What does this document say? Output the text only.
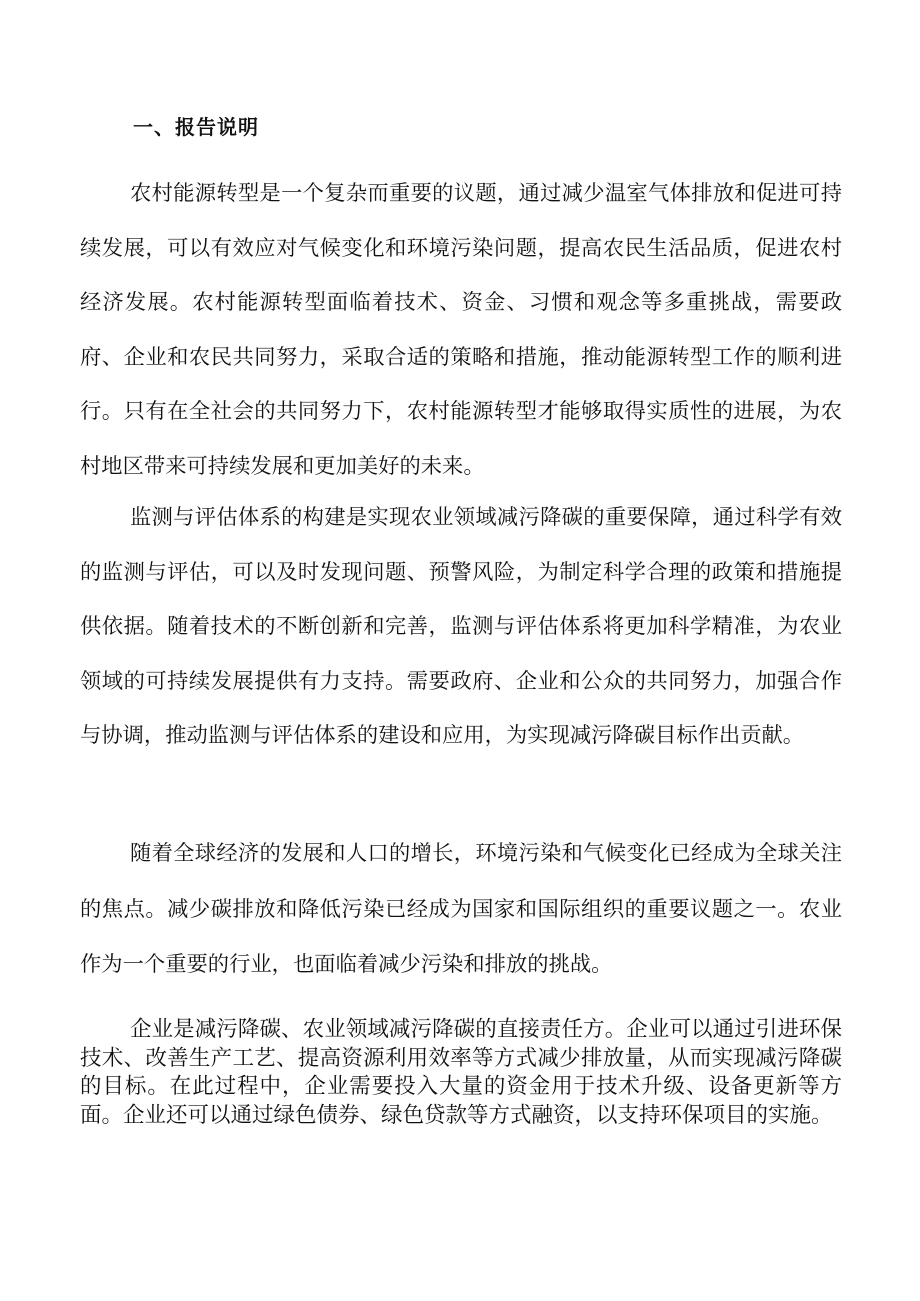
一、报告说明

农村能源转型是一个复杂而重要的议题，通过减少温室气体排放和促进可持续发展，可以有效应对气候变化和环境污染问题，提高农民生活品质，促进农村经济发展。农村能源转型面临着技术、资金、习惯和观念等多重挑战，需要政府、企业和农民共同努力，采取合适的策略和措施，推动能源转型工作的顺利进行。只有在全社会的共同努力下，农村能源转型才能够取得实质性的进展，为农村地区带来可持续发展和更加美好的未来。

监测与评估体系的构建是实现农业领域减污降碳的重要保障，通过科学有效的监测与评估，可以及时发现问题、预警风险，为制定科学合理的政策和措施提供依据。随着技术的不断创新和完善，监测与评估体系将更加科学精准，为农业领域的可持续发展提供有力支持。需要政府、企业和公众的共同努力，加强合作与协调，推动监测与评估体系的建设和应用，为实现减污降碳目标作出贡献。

随着全球经济的发展和人口的增长，环境污染和气候变化已经成为全球关注的焦点。减少碳排放和降低污染已经成为国家和国际组织的重要议题之一。农业作为一个重要的行业，也面临着减少污染和排放的挑战。

企业是减污降碳、农业领域减污降碳的直接责任方。企业可以通过引进环保技术、改善生产工艺、提高资源利用效率等方式减少排放量，从而实现减污降碳的目标。在此过程中，企业需要投入大量的资金用于技术升级、设备更新等方面。企业还可以通过绿色债券、绿色贷款等方式融资，以支持环保项目的实施。
